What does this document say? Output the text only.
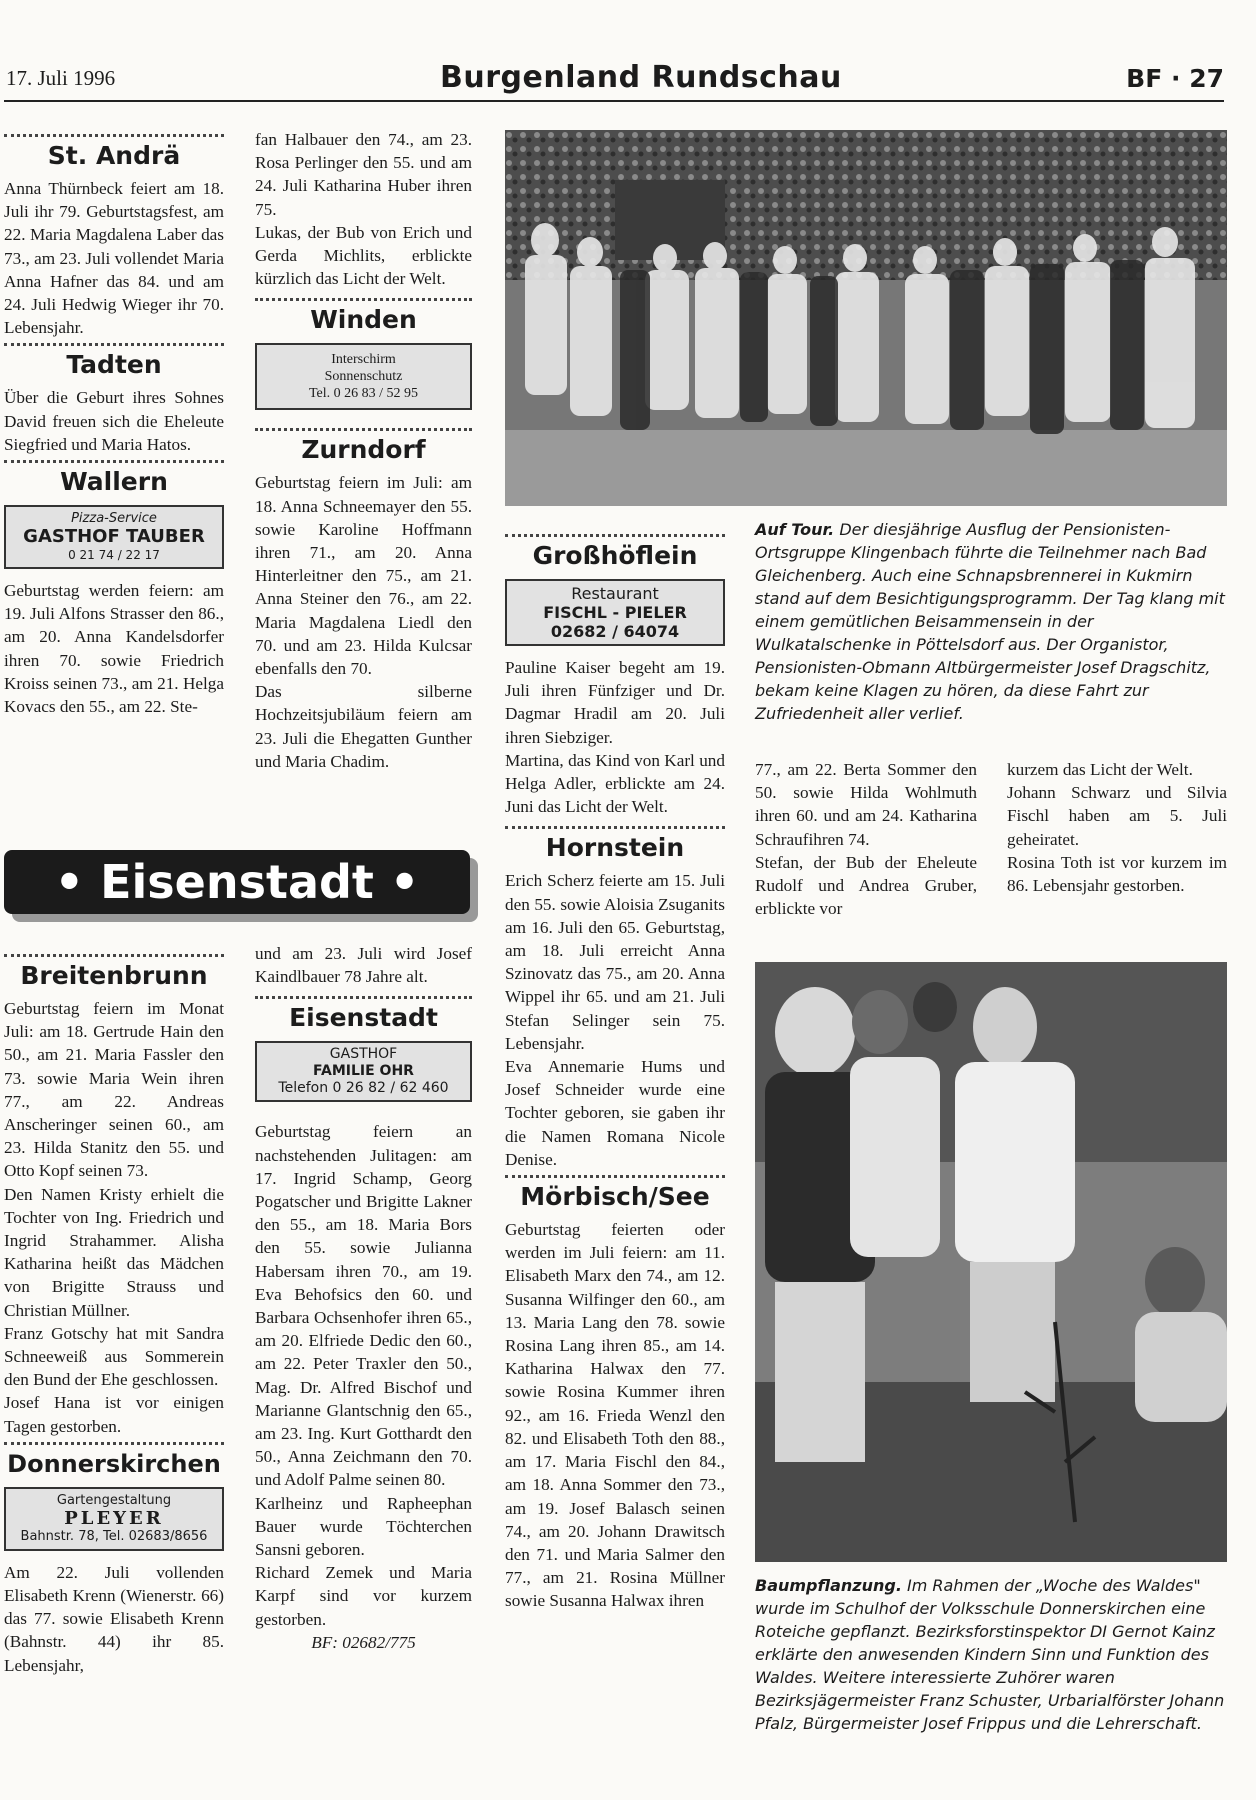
17. Juli 1996	Burgenland Rundschau	BF · 27
St. Andrä

Anna Thürnbeck feiert am 18. Juli ihr 79. Geburtstagsfest, am 22. Maria Magdalena Laber das 73., am 23. Juli vollendet Maria Anna Hafner das 84. und am 24. Juli Hedwig Wieger ihr 70. Lebensjahr.

Tadten

Über die Geburt ihres Sohnes David freuen sich die Eheleute Siegfried und Maria Hatos.

Wallern
Pizza-Service
GASTHOF TAUBER
0 21 74 / 22 17

Geburtstag werden feiern: am 19. Juli Alfons Strasser den 86., am 20. Anna Kandelsdorfer ihren 70. sowie Friedrich Kroiss seinen 73., am 21. Helga Kovacs den 55., am 22. Ste-

fan Halbauer den 74., am 23. Rosa Perlinger den 55. und am 24. Juli Katharina Huber ihren 75.

Lukas, der Bub von Erich und Gerda Michlits, erblickte kürzlich das Licht der Welt.

Winden
Interschirm
Sonnenschutz
Tel. 0 26 83 / 52 95
Zurndorf

Geburtstag feiern im Juli: am 18. Anna Schneemayer den 55. sowie Karoline Hoffmann ihren 71., am 20. Anna Hinterleitner den 75., am 21. Anna Steiner den 76., am 22. Maria Magdalena Liedl den 70. und am 23. Hilda Kulcsar ebenfalls den 70.

Das silberne Hochzeitsjubiläum feiern am 23. Juli die Ehegatten Gunther und Maria Chadim.

Auf Tour. Der diesjährige Ausflug der Pensionisten-Ortsgruppe Klingenbach führte die Teilnehmer nach Bad Gleichenberg. Auch eine Schnapsbrennerei in Kukmirn stand auf dem Besichtigungsprogramm. Der Tag klang mit einem gemütlichen Beisammensein in der Wulkatalschenke in Pöttelsdorf aus. Der Organistor, Pensionisten-Obmann Altbürgermeister Josef Dragschitz, bekam keine Klagen zu hören, da diese Fahrt zur Zufriedenheit aller verlief.
Großhöflein
Restaurant
FISCHL - PIELER
02682 / 64074

Pauline Kaiser begeht am 19. Juli ihren Fünfziger und Dr. Dagmar Hradil am 20. Juli ihren Siebziger.

Martina, das Kind von Karl und Helga Adler, erblickte am 24. Juni das Licht der Welt.

Hornstein

Erich Scherz feierte am 15. Juli den 55. sowie Aloisia Zsuganits am 16. Juli den 65. Geburtstag, am 18. Juli erreicht Anna Szinovatz das 75., am 20. Anna Wippel ihr 65. und am 21. Juli Stefan Selinger sein 75. Lebensjahr.

Eva Annemarie Hums und Josef Schneider wurde eine Tochter geboren, sie gaben ihr die Namen Romana Nicole Denise.

Mörbisch/See

Geburtstag feierten oder werden im Juli feiern: am 11. Elisabeth Marx den 74., am 12. Susanna Wilfinger den 60., am 13. Maria Lang den 78. sowie Rosina Lang ihren 85., am 14. Katharina Halwax den 77. sowie Rosina Kummer ihren 92., am 16. Frieda Wenzl den 82. und Elisabeth Toth den 88., am 17. Maria Fischl den 84., am 18. Anna Sommer den 73., am 19. Josef Balasch seinen 74., am 20. Johann Drawitsch den 71. und Maria Salmer den 77., am 21. Rosina Müllner sowie Susanna Halwax ihren

77., am 22. Berta Sommer den 50. sowie Hilda Wohlmuth ihren 60. und am 24. Katharina Schraufihren 74.

Stefan, der Bub der Eheleute Rudolf und Andrea Gruber, erblickte vor

kurzem das Licht der Welt.

Johann Schwarz und Silvia Fischl haben am 5. Juli geheiratet.

Rosina Toth ist vor kurzem im 86. Lebensjahr gestorben.

Baumpflanzung. Im Rahmen der „Woche des Waldes" wurde im Schulhof der Volksschule Donnerskirchen eine Roteiche gepflanzt. Bezirksforstinspektor DI Gernot Kainz erklärte den anwesenden Kindern Sinn und Funktion des Waldes. Weitere interessierte Zuhörer waren Bezirksjägermeister Franz Schuster, Urbarialförster Johann Pfalz, Bürgermeister Josef Frippus und die Lehrerschaft.
• Eisenstadt •
Breitenbrunn

Geburtstag feiern im Monat Juli: am 18. Gertrude Hain den 50., am 21. Maria Fassler den 73. sowie Maria Wein ihren 77., am 22. Andreas Anscheringer seinen 60., am 23. Hilda Stanitz den 55. und Otto Kopf seinen 73.

Den Namen Kristy erhielt die Tochter von Ing. Friedrich und Ingrid Strahammer. Alisha Katharina heißt das Mädchen von Brigitte Strauss und Christian Müllner.

Franz Gotschy hat mit Sandra Schneeweiß aus Sommerein den Bund der Ehe geschlossen.

Josef Hana ist vor einigen Tagen gestorben.

Donnerskirchen
Gartengestaltung
PLEYER
Bahnstr. 78, Tel. 02683/8656

Am 22. Juli vollenden Elisabeth Krenn (Wienerstr. 66) das 77. sowie Elisabeth Krenn (Bahnstr. 44) ihr 85. Lebensjahr,

und am 23. Juli wird Josef Kaindlbauer 78 Jahre alt.

Eisenstadt
GASTHOF
FAMILIE OHR
Telefon 0 26 82 / 62 460

Geburtstag feiern an nachstehenden Julitagen: am 17. Ingrid Schamp, Georg Pogatscher und Brigitte Lakner den 55., am 18. Maria Bors den 55. sowie Julianna Habersam ihren 70., am 19. Eva Behofsics den 60. und Barbara Ochsenhofer ihren 65., am 20. Elfriede Dedic den 60., am 22. Peter Traxler den 50., Mag. Dr. Alfred Bischof und Marianne Glantschnig den 65., am 23. Ing. Kurt Gotthardt den 50., Anna Zeichmann den 70. und Adolf Palme seinen 80.

Karlheinz und Rapheephan Bauer wurde Töchterchen Sansni geboren.

Richard Zemek und Maria Karpf sind vor kurzem gestorben.

BF: 02682/775
